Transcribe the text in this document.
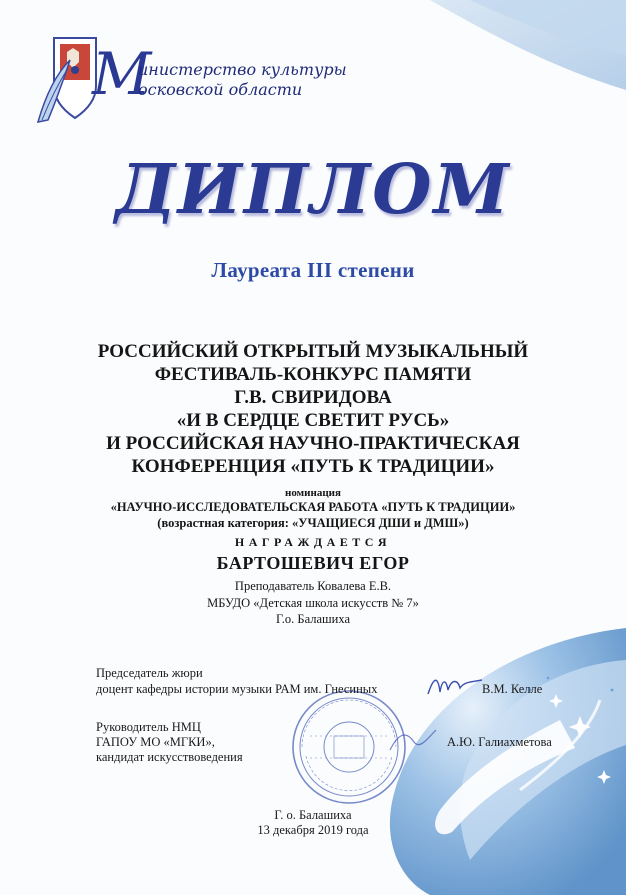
М
инистерство культуры
осковской области
ДИПЛОМ
Лауреата III степени
РОССИЙСКИЙ ОТКРЫТЫЙ МУЗЫКАЛЬНЫЙ
ФЕСТИВАЛЬ-КОНКУРС ПАМЯТИ
Г.В. СВИРИДОВА
«И В СЕРДЦЕ СВЕТИТ РУСЬ»
И РОССИЙСКАЯ НАУЧНО-ПРАКТИЧЕСКАЯ
КОНФЕРЕНЦИЯ «ПУТЬ К ТРАДИЦИИ»
номинация
«НАУЧНО-ИССЛЕДОВАТЕЛЬСКАЯ РАБОТА «ПУТЬ К ТРАДИЦИИ»
(возрастная категория: «УЧАЩИЕСЯ ДШИ и ДМШ»)
НАГРАЖДАЕТСЯ
БАРТОШЕВИЧ ЕГОР
Преподаватель Ковалева Е.В.
МБУДО «Детская школа искусств № 7»
Г.о. Балашиха
Председатель жюри
доцент кафедры истории музыки РАМ им. Гнесиных	В.М. Келле
Руководитель НМЦ
ГАПОУ МО «МГКИ»,
кандидат искусствоведения
А.Ю. Галиахметова
Г. о. Балашиха
13 декабря 2019 года
